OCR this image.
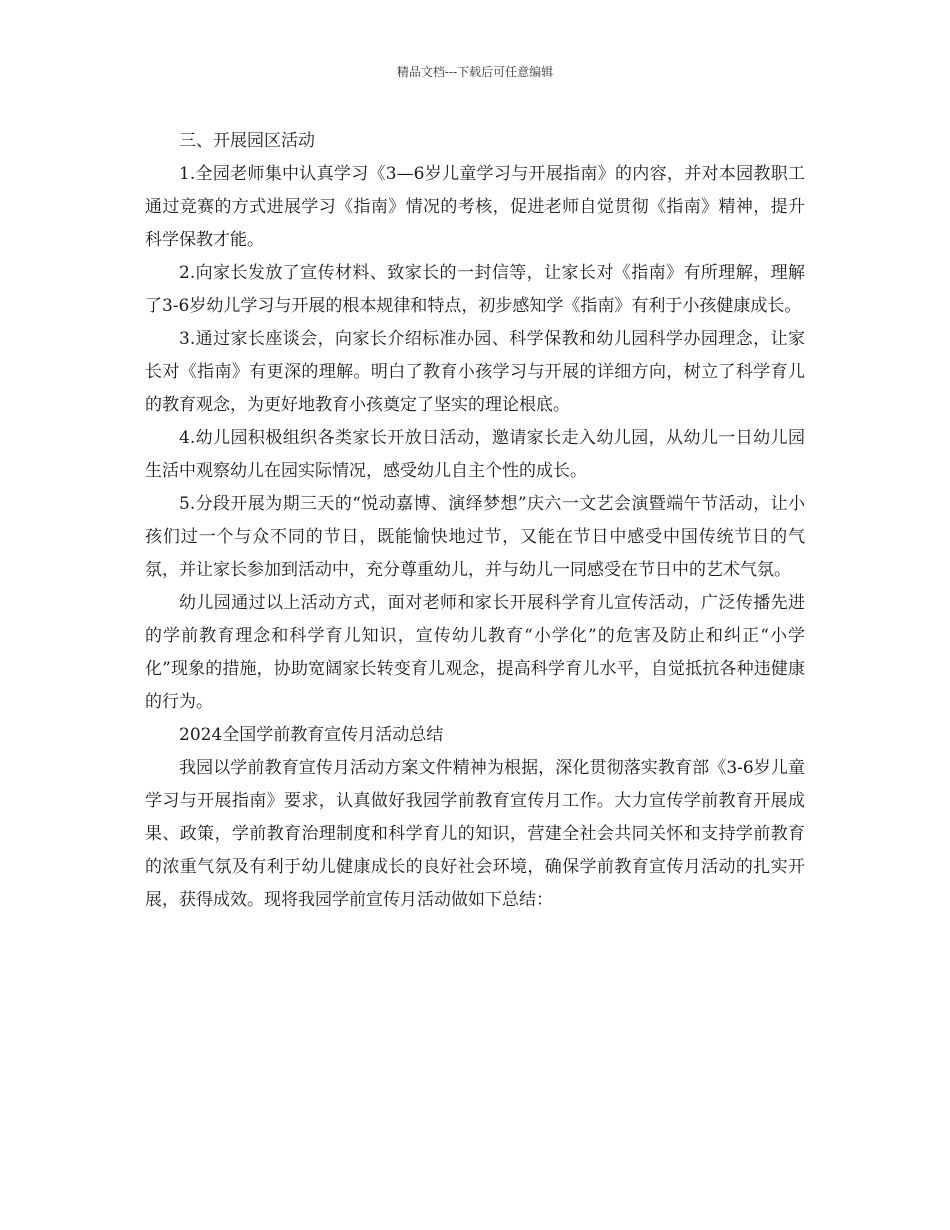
精品文档---下载后可任意编辑

三、开展园区活动

1.全园老师集中认真学习《3—6岁儿童学习与开展指南》的内容，并对本园教职工通过竞赛的方式进展学习《指南》情况的考核，促进老师自觉贯彻《指南》精神，提升科学保教才能。

2.向家长发放了宣传材料、致家长的一封信等，让家长对《指南》有所理解，理解了3-6岁幼儿学习与开展的根本规律和特点，初步感知学《指南》有利于小孩健康成长。

3.通过家长座谈会，向家长介绍标准办园、科学保教和幼儿园科学办园理念，让家长对《指南》有更深的理解。明白了教育小孩学习与开展的详细方向，树立了科学育儿的教育观念，为更好地教育小孩奠定了坚实的理论根底。

4.幼儿园积极组织各类家长开放日活动，邀请家长走入幼儿园，从幼儿一日幼儿园生活中观察幼儿在园实际情况，感受幼儿自主个性的成长。

5.分段开展为期三天的“悦动嘉博、演绎梦想”庆六一文艺会演暨端午节活动，让小孩们过一个与众不同的节日，既能愉快地过节，又能在节日中感受中国传统节日的气氛，并让家长参加到活动中，充分尊重幼儿，并与幼儿一同感受在节日中的艺术气氛。

幼儿园通过以上活动方式，面对老师和家长开展科学育儿宣传活动，广泛传播先进的学前教育理念和科学育儿知识，宣传幼儿教育“小学化”的危害及防止和纠正“小学化”现象的措施，协助宽阔家长转变育儿观念，提高科学育儿水平，自觉抵抗各种违健康的行为。

2024全国学前教育宣传月活动总结

我园以学前教育宣传月活动方案文件精神为根据，深化贯彻落实教育部《3-6岁儿童学习与开展指南》要求，认真做好我园学前教育宣传月工作。大力宣传学前教育开展成果、政策，学前教育治理制度和科学育儿的知识，营建全社会共同关怀和支持学前教育的浓重气氛及有利于幼儿健康成长的良好社会环境，确保学前教育宣传月活动的扎实开展，获得成效。现将我园学前宣传月活动做如下总结：
